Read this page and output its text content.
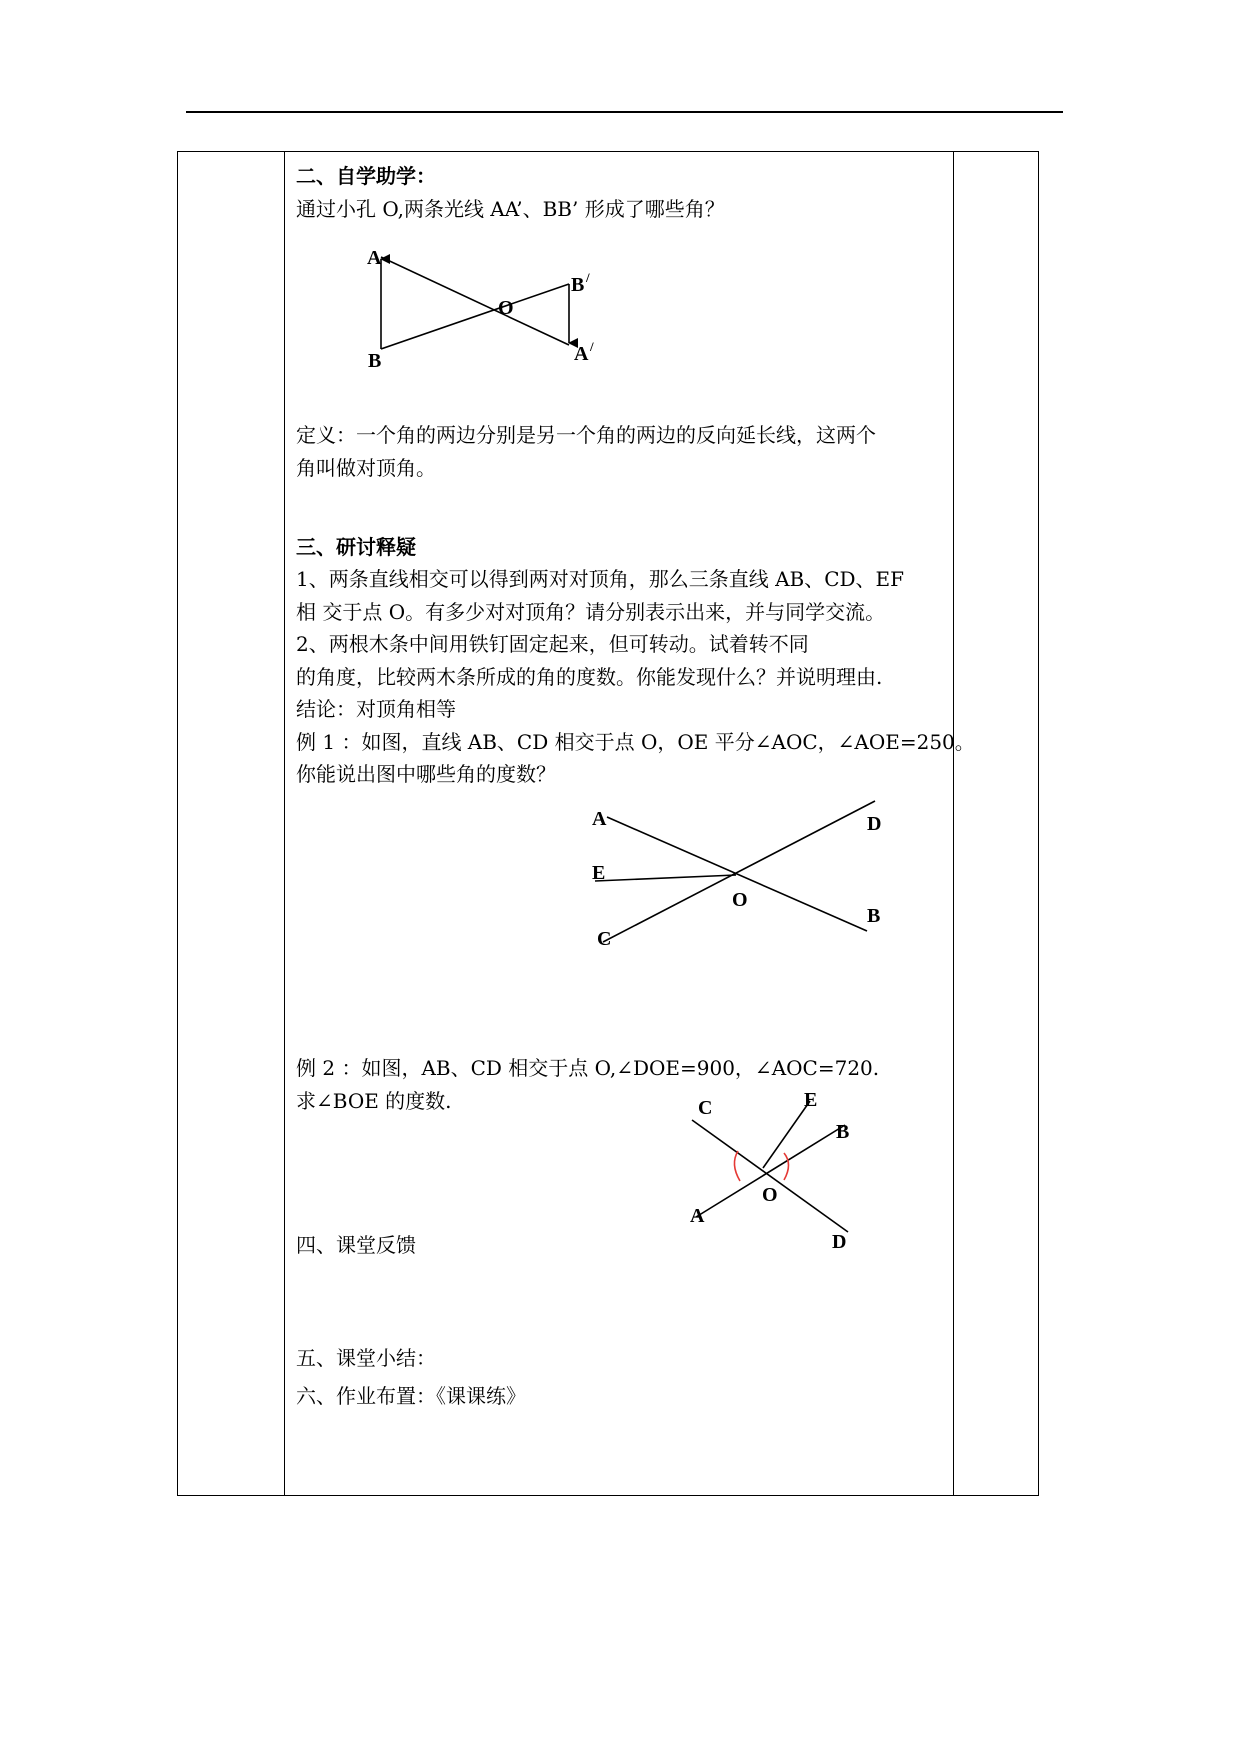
二、自学助学：
通过小孔 O,两条光线 AA’、BB’ 形成了哪些角？
A
B
O
B /
A /
定义：一个角的两边分别是另一个角的两边的反向延长线，这两个
角叫做对顶角。
三、研讨释疑
1、两条直线相交可以得到两对对顶角，那么三条直线 AB、CD、EF
相 交于点 O。有多少对对顶角？请分别表示出来，并与同学交流。
2、两根木条中间用铁钉固定起来，但可转动。试着转不同
的角度，比较两木条所成的角的度数。你能发现什么？并说明理由.
结论：对顶角相等
例 1 ：如图，直线 AB、CD 相交于点 O，OE 平分∠AOC，∠AOE=250。
你能说出图中哪些角的度数？
A	D
E
O
C
B
例 2 ：如图，AB、CD 相交于点 O,∠DOE=900，∠AOC=720.
求∠BOE 的度数.	C	E
B
O
A
D
四、课堂反馈
五、课堂小结：
六、作业布置：《课课练》
